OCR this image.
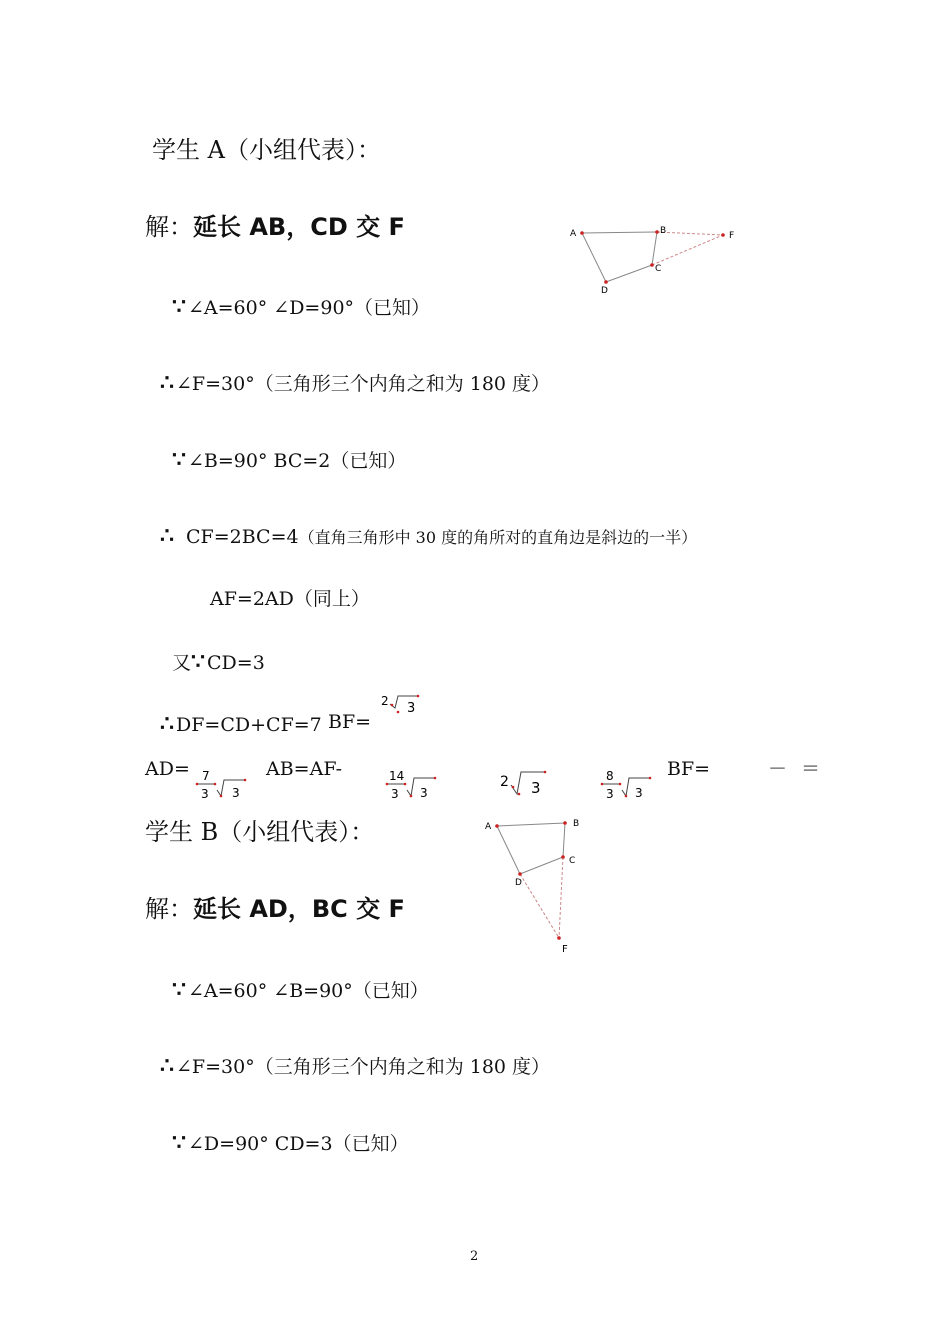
学生 A（小组代表）：
解：延长 AB，CD 交 F	A	B
C
D
F
∵ ∠A=60° ∠D=90°（已知）
∴ ∠F=30°（三角形三个内角之和为 180 度）
∵ ∠B=90° BC=2（已知）
∴ CF=2BC=4（直角三角形中 30 度的角所对的直角边是斜边的一半）
AF=2AD（同上）
又∵ CD=3
∴ DF=CD+CF=7 BF=
2 3
AD= 7
3 3
AB=AF-	14
3 3
2 3
8
3 3
BF=	－ ＝
学生 B（小组代表）：	A	B
C
D
F
解：延长 AD，BC 交 F
∵ ∠A=60° ∠B=90°（已知）
∴ ∠F=30°（三角形三个内角之和为 180 度）
∵ ∠D=90° CD=3（已知）
2
